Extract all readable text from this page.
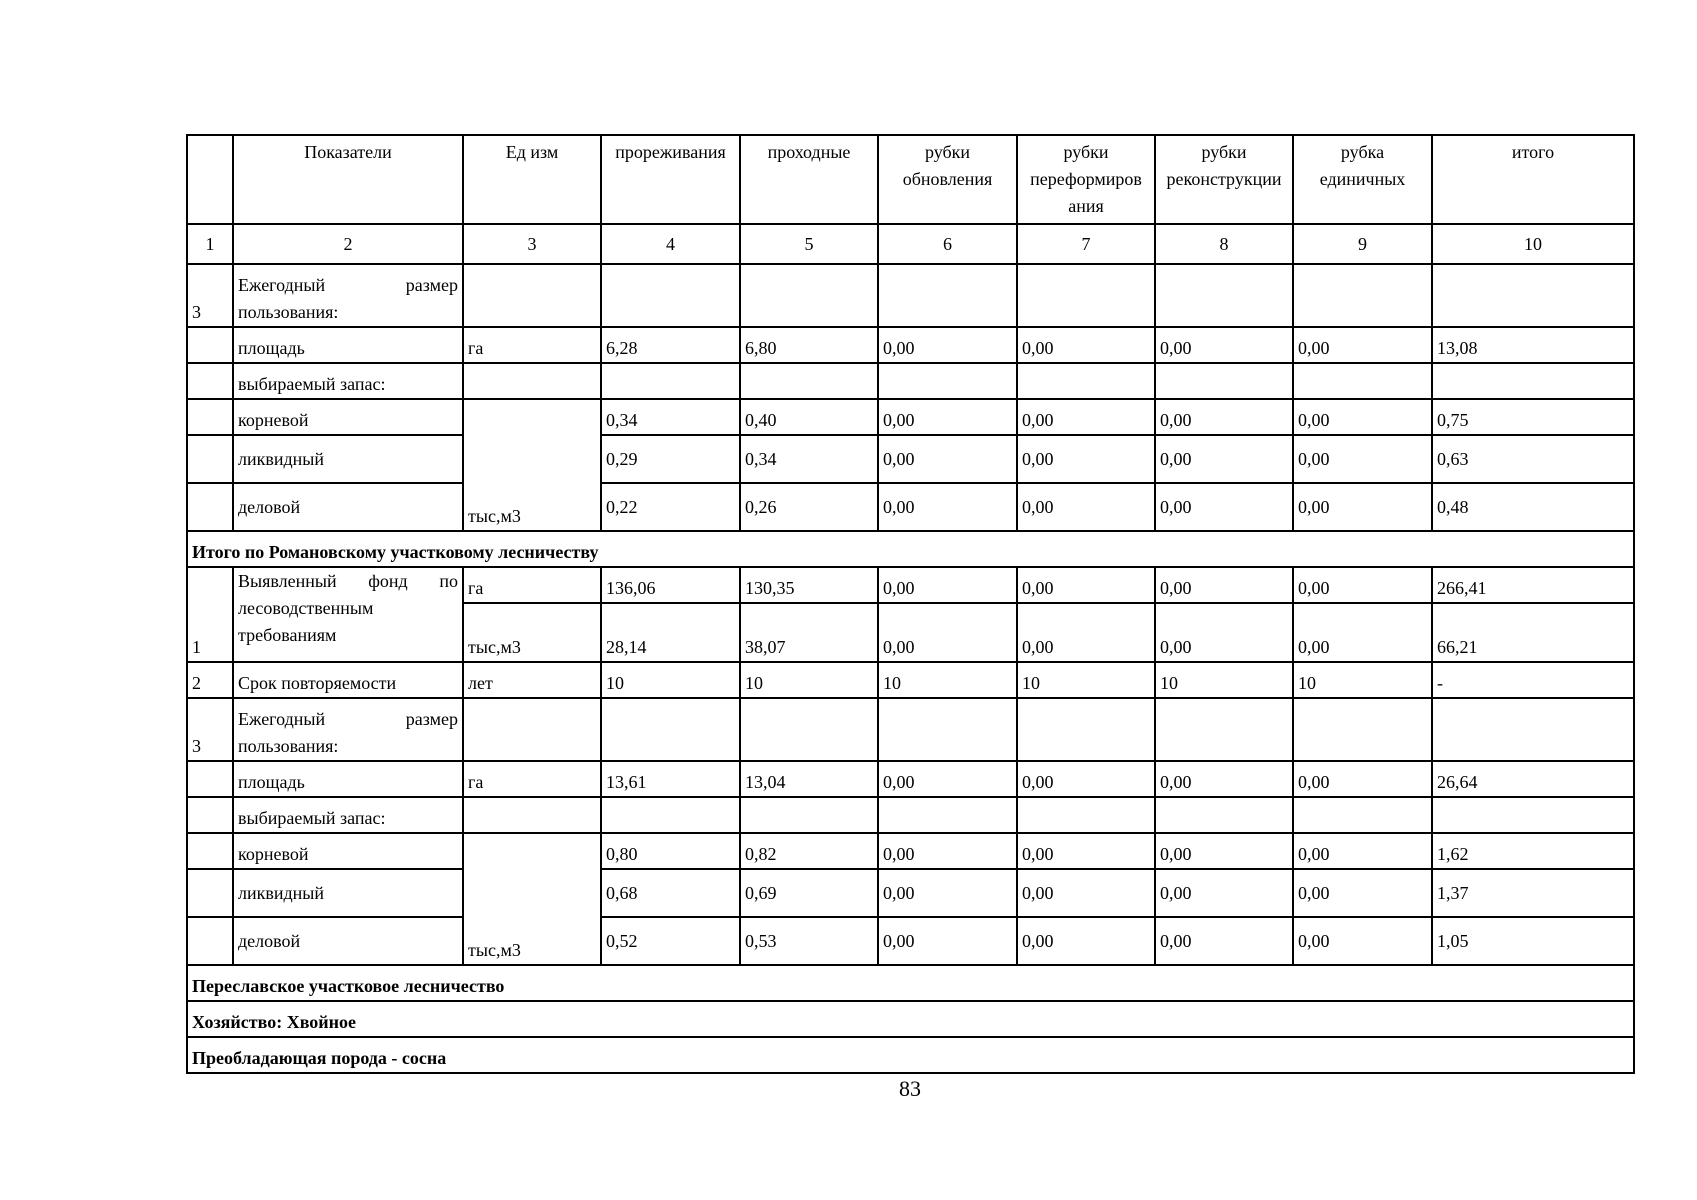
	Показатели	Ед изм	прореживания	проходные	рубки обновления	рубки переформиров ания	рубки реконструкции	рубка единичных	итого
1	2	3	4	5	6	7	8	9	10
3	Ежегодный размер пользования:								
	площадь	га	6,28	6,80	0,00	0,00	0,00	0,00	13,08
	выбираемый запас:								
	корневой	тыс,м3	0,34	0,40	0,00	0,00	0,00	0,00	0,75
	ликвидный		0,29	0,34	0,00	0,00	0,00	0,00	0,63
	деловой		0,22	0,26	0,00	0,00	0,00	0,00	0,48
Итого по Романовскому участковому лесничеству									
1	Выявленный фонд по лесоводственным требованиям	га	136,06	130,35	0,00	0,00	0,00	0,00	266,41
		тыс,м3	28,14	38,07	0,00	0,00	0,00	0,00	66,21
2	Срок повторяемости	лет	10	10	10	10	10	10	-
3	Ежегодный размер пользования:								
	площадь	га	13,61	13,04	0,00	0,00	0,00	0,00	26,64
	выбираемый запас:								
	корневой	тыс,м3	0,80	0,82	0,00	0,00	0,00	0,00	1,62
	ликвидный		0,68	0,69	0,00	0,00	0,00	0,00	1,37
	деловой		0,52	0,53	0,00	0,00	0,00	0,00	1,05
Переславское участковое лесничество									
Хозяйство: Хвойное									
Преобладающая порода - сосна									
83
